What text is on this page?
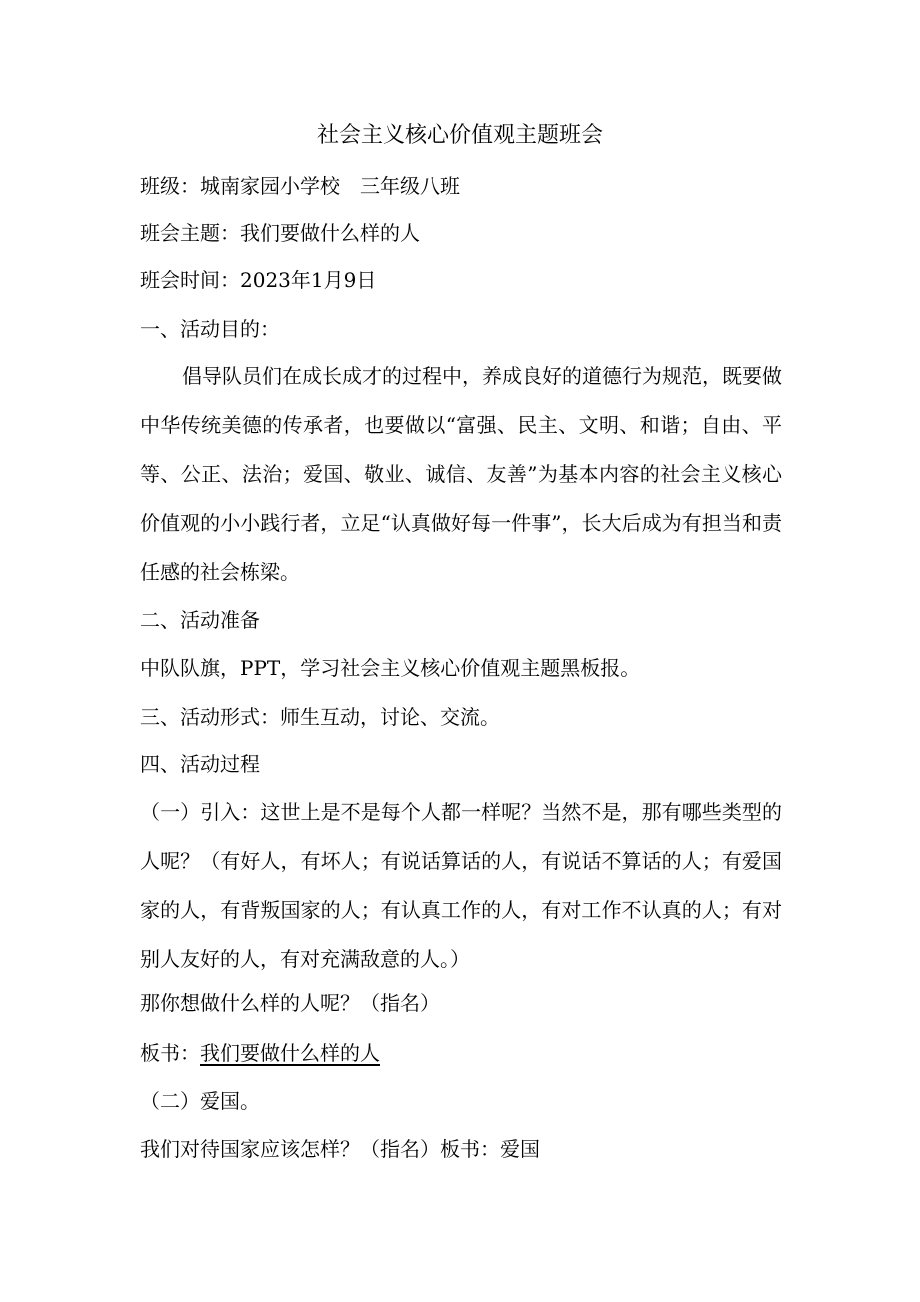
社会主义核心价值观主题班会

班级：城南家园小学校　三年级八班

班会主题：我们要做什么样的人

班会时间：2023年1月9日

一、活动目的：

倡导队员们在成长成才的过程中，养成良好的道德行为规范，既要做中华传统美德的传承者，也要做以“富强、民主、文明、和谐；自由、平等、公正、法治；爱国、敬业、诚信、友善”为基本内容的社会主义核心价值观的小小践行者，立足“认真做好每一件事”，长大后成为有担当和责任感的社会栋梁。

二、活动准备

中队队旗，PPT，学习社会主义核心价值观主题黑板报。

三、活动形式：师生互动，讨论、交流。

四、活动过程

（一）引入：这世上是不是每个人都一样呢？当然不是，那有哪些类型的人呢？（有好人，有坏人；有说话算话的人，有说话不算话的人；有爱国家的人，有背叛国家的人；有认真工作的人，有对工作不认真的人；有对别人友好的人，有对充满敌意的人。）

那你想做什么样的人呢？（指名）

板书：我们要做什么样的人

（二）爱国。

我们对待国家应该怎样？（指名）板书：爱国
